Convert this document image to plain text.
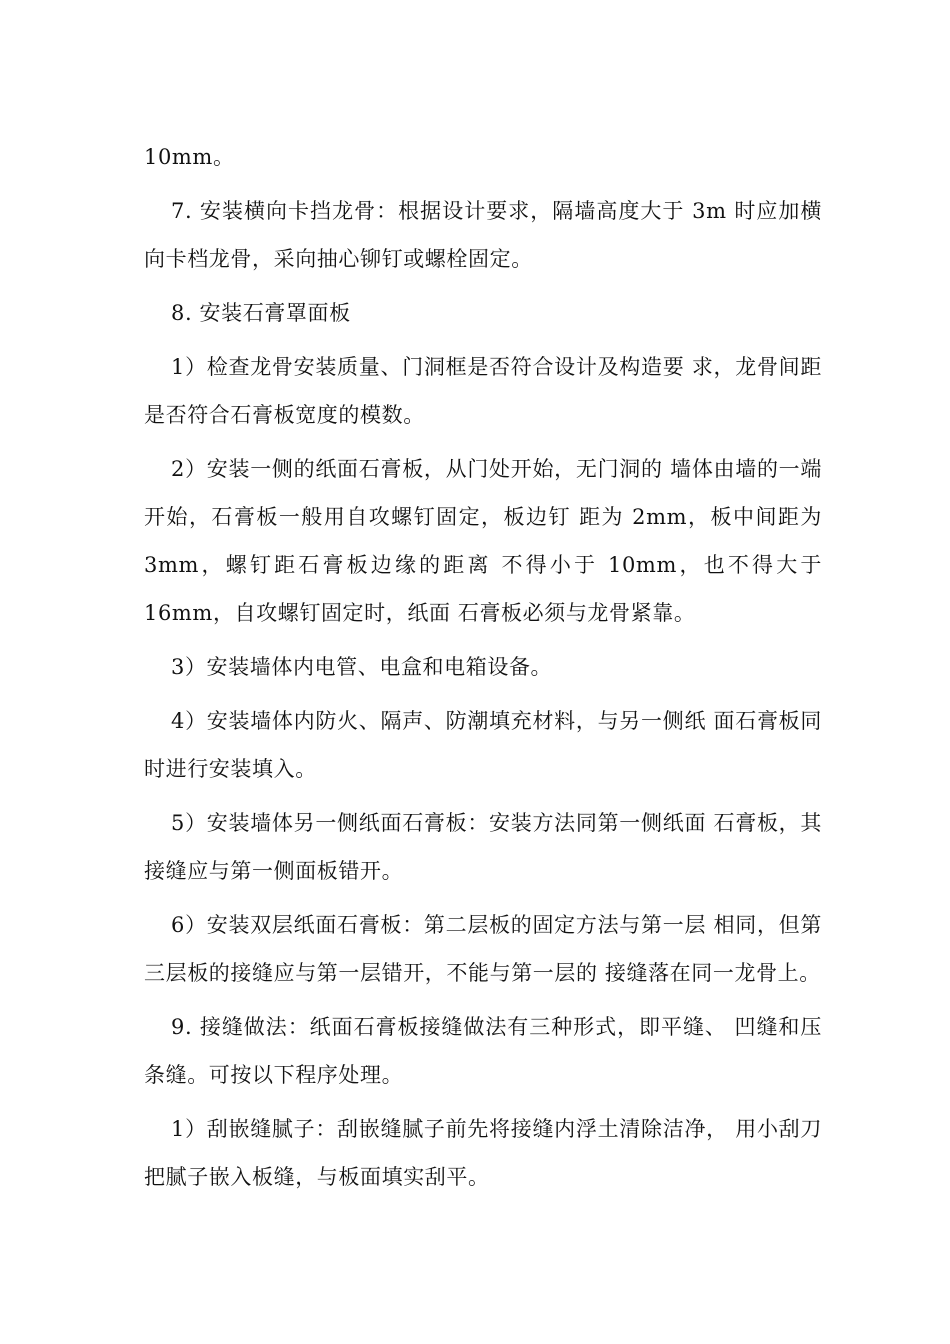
10mm。

7. 安装横向卡挡龙骨：根据设计要求，隔墙高度大于 3m 时应加横向卡档龙骨，采向抽心铆钉或螺栓固定。

8. 安装石膏罩面板

1）检查龙骨安装质量、门洞框是否符合设计及构造要 求，龙骨间距是否符合石膏板宽度的模数。

2）安装一侧的纸面石膏板，从门处开始，无门洞的 墙体由墙的一端开始，石膏板一般用自攻螺钉固定，板边钉 距为 2mm，板中间距为 3mm，螺钉距石膏板边缘的距离 不得小于 10mm，也不得大于 16mm，自攻螺钉固定时，纸面 石膏板必须与龙骨紧靠。

3）安装墙体内电管、电盒和电箱设备。

4）安装墙体内防火、隔声、防潮填充材料，与另一侧纸 面石膏板同时进行安装填入。

5）安装墙体另一侧纸面石膏板：安装方法同第一侧纸面 石膏板，其接缝应与第一侧面板错开。

6）安装双层纸面石膏板：第二层板的固定方法与第一层 相同，但第三层板的接缝应与第一层错开，不能与第一层的 接缝落在同一龙骨上。

9. 接缝做法：纸面石膏板接缝做法有三种形式，即平缝、 凹缝和压条缝。可按以下程序处理。

1）刮嵌缝腻子：刮嵌缝腻子前先将接缝内浮土清除洁净， 用小刮刀把腻子嵌入板缝，与板面填实刮平。
